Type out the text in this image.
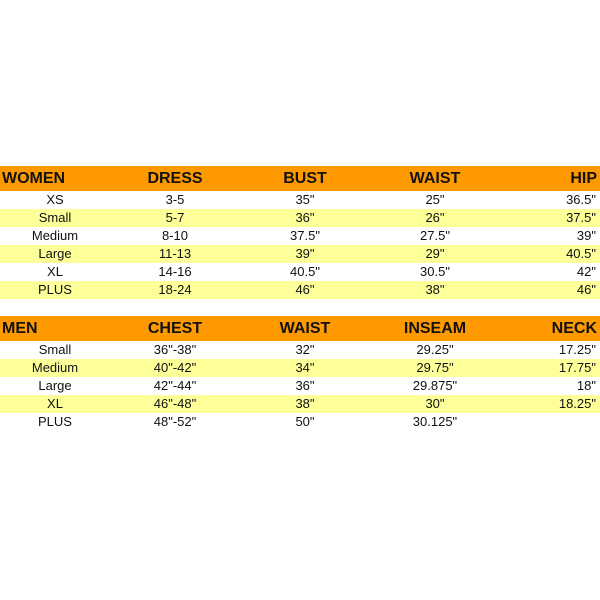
WOMEN	DRESS	BUST	WAIST	HIP
XS	3-5	35"	25"	36.5"
Small	5-7	36"	26"	37.5"
Medium	8-10	37.5"	27.5"	39"
Large	11-13	39"	29"	40.5"
XL	14-16	40.5"	30.5"	42"
PLUS	18-24	46"	38"	46"
MEN	CHEST	WAIST	INSEAM	NECK
Small	36"-38"	32"	29.25"	17.25"
Medium	40"-42"	34"	29.75"	17.75"
Large	42"-44"	36"	29.875"	18"
XL	46"-48"	38"	30"	18.25"
PLUS	48"-52"	50"	30.125"	
